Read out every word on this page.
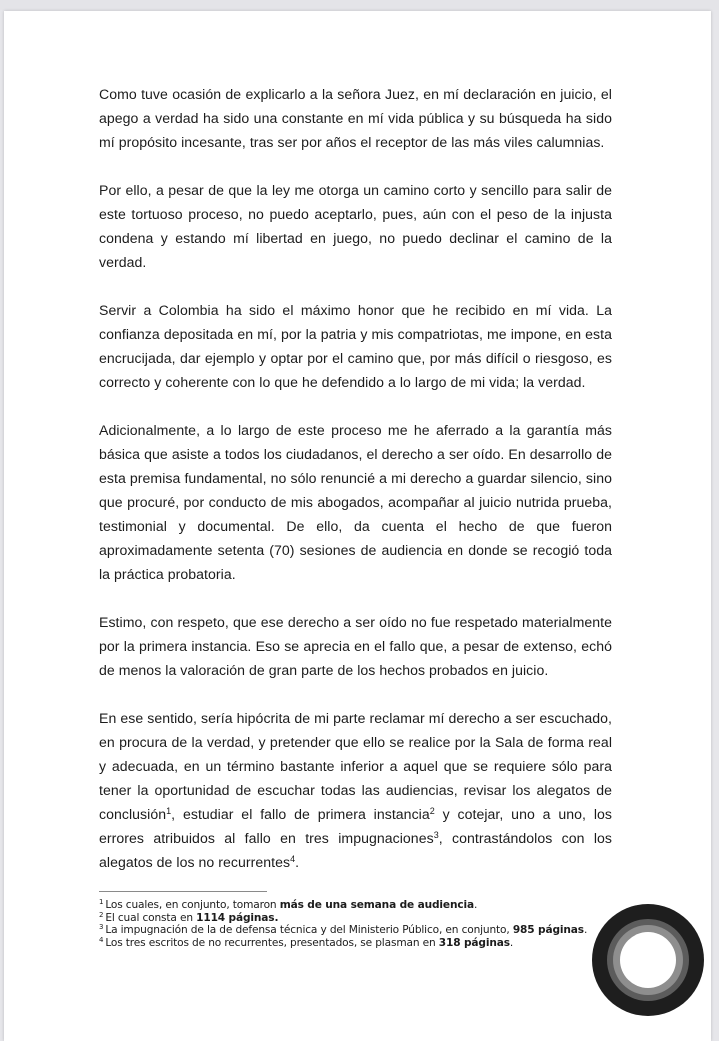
Como tuve ocasión de explicarlo a la señora Juez, en mí declaración en juicio, el apego a verdad ha sido una constante en mí vida pública y su búsqueda ha sido mí propósito incesante, tras ser por años el receptor de las más viles calumnias.

Por ello, a pesar de que la ley me otorga un camino corto y sencillo para salir de este tortuoso proceso, no puedo aceptarlo, pues, aún con el peso de la injusta condena y estando mí libertad en juego, no puedo declinar el camino de la verdad.

Servir a Colombia ha sido el máximo honor que he recibido en mí vida. La confianza depositada en mí, por la patria y mis compatriotas, me impone, en esta encrucijada, dar ejemplo y optar por el camino que, por más difícil o riesgoso, es correcto y coherente con lo que he defendido a lo largo de mi vida; la verdad.

Adicionalmente, a lo largo de este proceso me he aferrado a la garantía más básica que asiste a todos los ciudadanos, el derecho a ser oído. En desarrollo de esta premisa fundamental, no sólo renuncié a mi derecho a guardar silencio, sino que procuré, por conducto de mis abogados, acompañar al juicio nutrida prueba, testimonial y documental. De ello, da cuenta el hecho de que fueron aproximadamente setenta (70) sesiones de audiencia en donde se recogió toda la práctica probatoria.

Estimo, con respeto, que ese derecho a ser oído no fue respetado materialmente por la primera instancia. Eso se aprecia en el fallo que, a pesar de extenso, echó de menos la valoración de gran parte de los hechos probados en juicio.

En ese sentido, sería hipócrita de mi parte reclamar mí derecho a ser escuchado, en procura de la verdad, y pretender que ello se realice por la Sala de forma real y adecuada, en un término bastante inferior a aquel que se requiere sólo para tener la oportunidad de escuchar todas las audiencias, revisar los alegatos de conclusión$^1$, estudiar el fallo de primera instancia$^2$ y cotejar, uno a uno, los errores atribuidos al fallo en tres impugnaciones$^3$, contrastándolos con los alegatos de los no recurrentes$^4$.

$^1$ Los cuales, en conjunto, tomaron más de una semana de audiencia.
$^2$ El cual consta en 1114 páginas.
$^3$ La impugnación de la de defensa técnica y del Ministerio Público, en conjunto, 985 páginas.
$^4$ Los tres escritos de no recurrentes, presentados, se plasman en 318 páginas.
